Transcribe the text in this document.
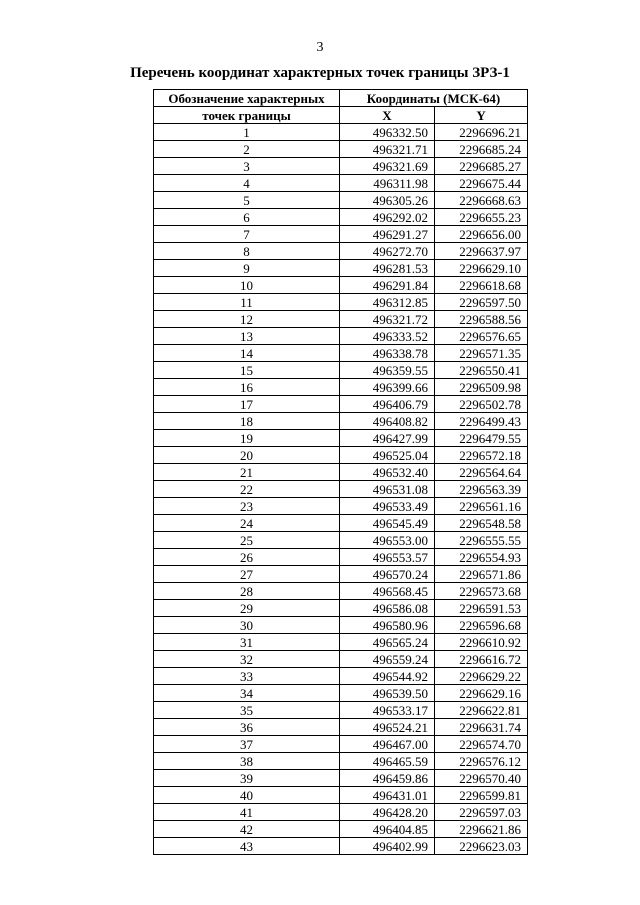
3
Перечень координат характерных точек границы ЗРЗ-1
Обозначение характерных	Координаты (МСК-64)	
точек границы	X	Y
1	496332.50	2296696.21
2	496321.71	2296685.24
3	496321.69	2296685.27
4	496311.98	2296675.44
5	496305.26	2296668.63
6	496292.02	2296655.23
7	496291.27	2296656.00
8	496272.70	2296637.97
9	496281.53	2296629.10
10	496291.84	2296618.68
11	496312.85	2296597.50
12	496321.72	2296588.56
13	496333.52	2296576.65
14	496338.78	2296571.35
15	496359.55	2296550.41
16	496399.66	2296509.98
17	496406.79	2296502.78
18	496408.82	2296499.43
19	496427.99	2296479.55
20	496525.04	2296572.18
21	496532.40	2296564.64
22	496531.08	2296563.39
23	496533.49	2296561.16
24	496545.49	2296548.58
25	496553.00	2296555.55
26	496553.57	2296554.93
27	496570.24	2296571.86
28	496568.45	2296573.68
29	496586.08	2296591.53
30	496580.96	2296596.68
31	496565.24	2296610.92
32	496559.24	2296616.72
33	496544.92	2296629.22
34	496539.50	2296629.16
35	496533.17	2296622.81
36	496524.21	2296631.74
37	496467.00	2296574.70
38	496465.59	2296576.12
39	496459.86	2296570.40
40	496431.01	2296599.81
41	496428.20	2296597.03
42	496404.85	2296621.86
43	496402.99	2296623.03
